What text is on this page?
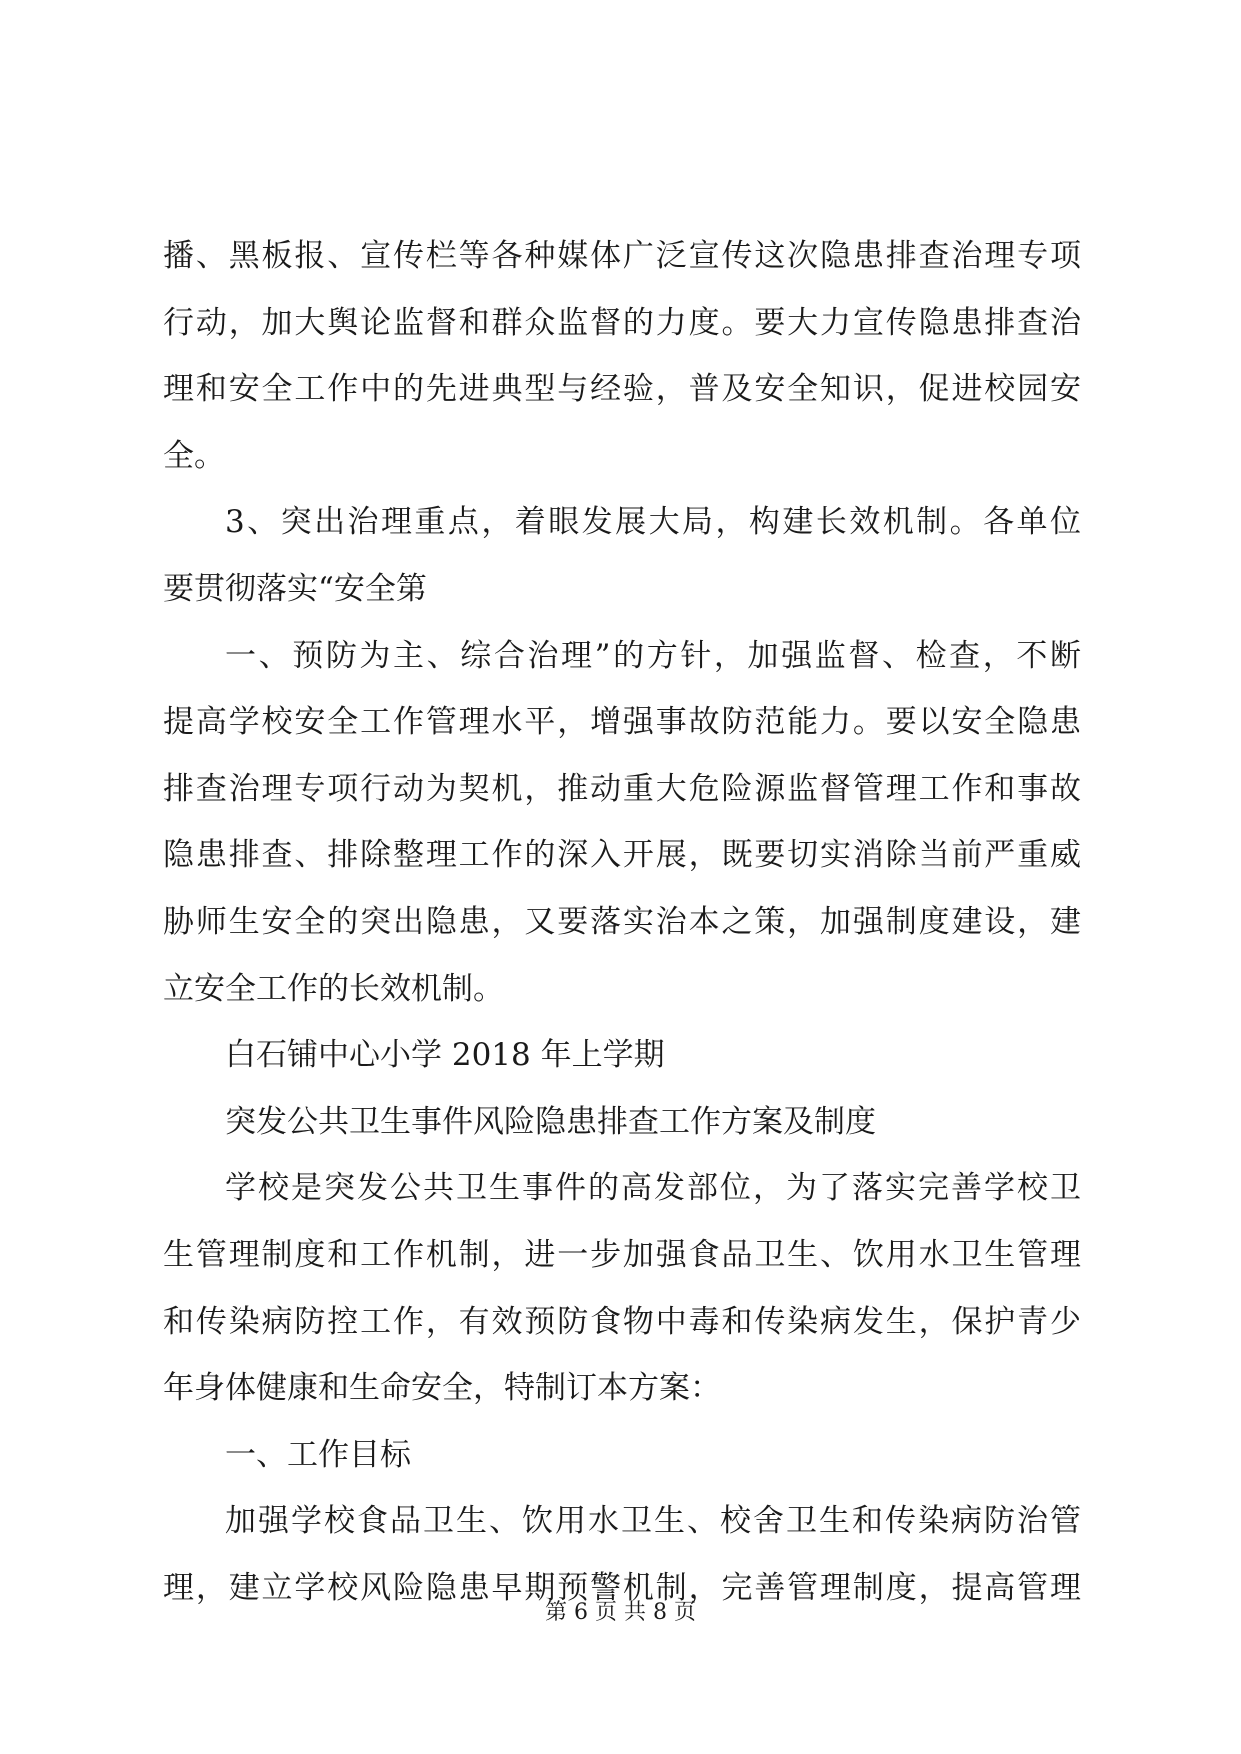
播、黑板报、宣传栏等各种媒体广泛宣传这次隐患排查治理专项
行动，加大舆论监督和群众监督的力度。要大力宣传隐患排查治
理和安全工作中的先进典型与经验，普及安全知识，促进校园安
全。
3、突出治理重点，着眼发展大局，构建长效机制。各单位
要贯彻落实“安全第
一、预防为主、综合治理”的方针，加强监督、检查，不断
提高学校安全工作管理水平，增强事故防范能力。要以安全隐患
排查治理专项行动为契机，推动重大危险源监督管理工作和事故
隐患排查、排除整理工作的深入开展，既要切实消除当前严重威
胁师生安全的突出隐患，又要落实治本之策，加强制度建设，建
立安全工作的长效机制。
白石铺中心小学 2018 年上学期
突发公共卫生事件风险隐患排查工作方案及制度
学校是突发公共卫生事件的高发部位，为了落实完善学校卫
生管理制度和工作机制，进一步加强食品卫生、饮用水卫生管理
和传染病防控工作，有效预防食物中毒和传染病发生，保护青少
年身体健康和生命安全，特制订本方案：
一、工作目标
加强学校食品卫生、饮用水卫生、校舍卫生和传染病防治管
理，建立学校风险隐患早期预警机制，完善管理制度，提高管理
第 6 页 共 8 页
